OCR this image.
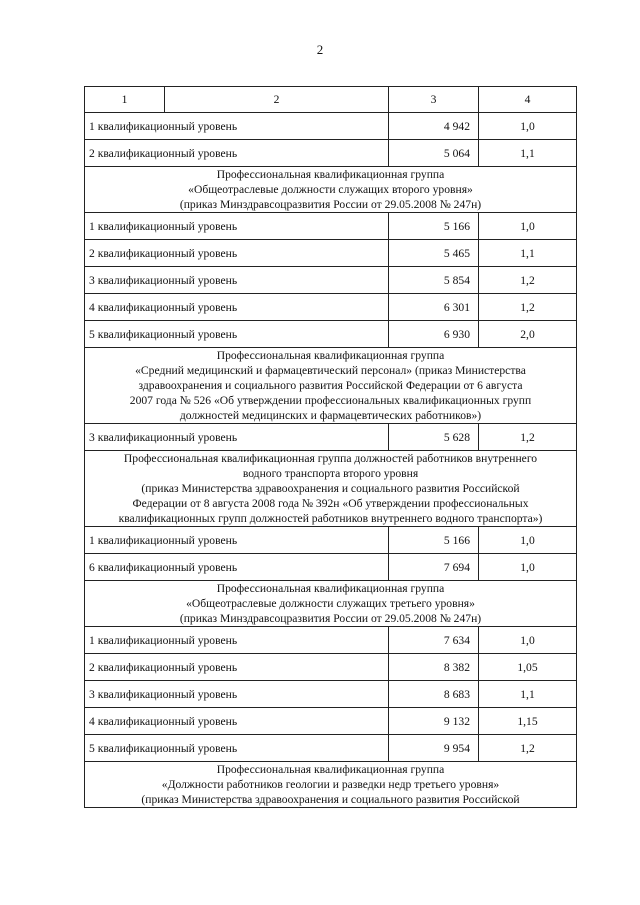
2
1	2	3	4
1 квалификационный уровень		4 942	1,0
2 квалификационный уровень		5 064	1,1

Профессиональная квалификационная группа
«Общеотраслевые должности служащих второго уровня»
(приказ Минздравсоцразвития России от 29.05.2008 № 247н)			

1 квалификационный уровень		5 166	1,0
2 квалификационный уровень		5 465	1,1
3 квалификационный уровень		5 854	1,2
4 квалификационный уровень		6 301	1,2
5 квалификационный уровень		6 930	2,0

Профессиональная квалификационная группа
«Средний медицинский и фармацевтический персонал» (приказ Министерства
здравоохранения и социального развития Российской Федерации от 6 августа
2007 года № 526 «Об утверждении профессиональных квалификационных групп
должностей медицинских и фармацевтических работников»)			

3 квалификационный уровень		5 628	1,2

Профессиональная квалификационная группа должностей работников внутреннего
водного транспорта второго уровня
(приказ Министерства здравоохранения и социального развития Российской
Федерации от 8 августа 2008 года № 392н «Об утверждении профессиональных
квалификационных групп должностей работников внутреннего водного транспорта»)			

1 квалификационный уровень		5 166	1,0
6 квалификационный уровень		7 694	1,0

Профессиональная квалификационная группа
«Общеотраслевые должности служащих третьего уровня»
(приказ Минздравсоцразвития России от 29.05.2008 № 247н)			

1 квалификационный уровень		7 634	1,0
2 квалификационный уровень		8 382	1,05
3 квалификационный уровень		8 683	1,1
4 квалификационный уровень		9 132	1,15
5 квалификационный уровень		9 954	1,2

Профессиональная квалификационная группа
«Должности работников геологии и разведки недр третьего уровня»
(приказ Министерства здравоохранения и социального развития Российской			
